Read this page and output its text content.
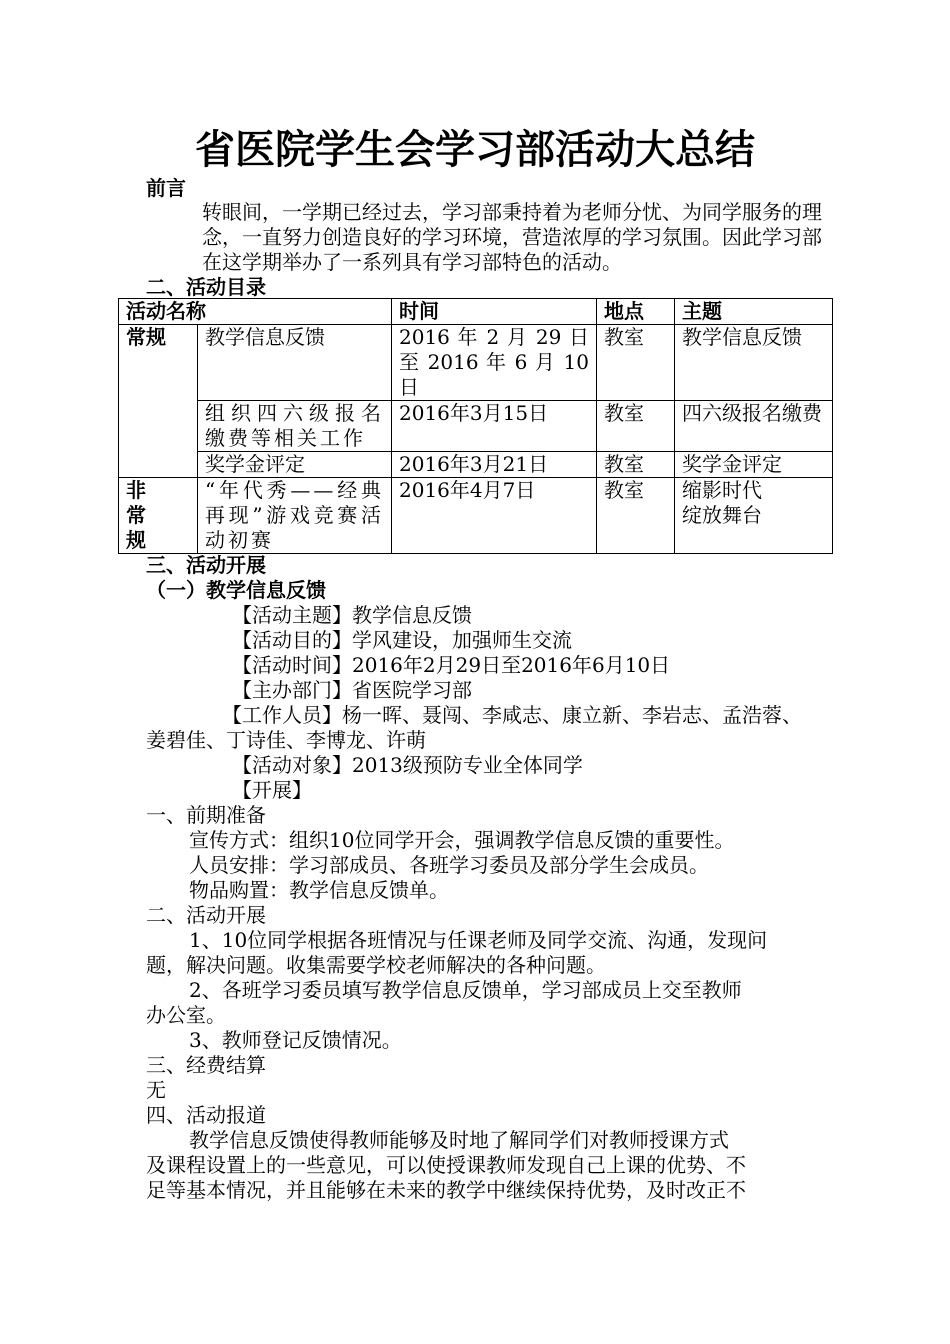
省医院学生会学习部活动大总结
前言
转眼间，一学期已经过去，学习部秉持着为老师分忧、为同学服务的理念，一直努力创造良好的学习环境，营造浓厚的学习氛围。因此学习部在这学期举办了一系列具有学习部特色的活动。
二、活动目录
活动名称		时间	地点	主题
常规	教学信息反馈	2016 年 2 月 29 日至 2016 年 6 月 10 日	教室	教学信息反馈
	组织四六级报名缴费等相关工作	2016年3月15日	教室	四六级报名缴费
	奖学金评定	2016年3月21日	教室	奖学金评定
非 常 规	“年代秀——经典再现”游戏竞赛活动初赛	2016年4月7日	教室	缩影时代
绽放舞台
三、活动开展
（一）教学信息反馈
【活动主题】教学信息反馈
【活动目的】学风建设，加强师生交流
【活动时间】2016年2月29日至2016年6月10日
【主办部门】省医院学习部
【工作人员】杨一晖、聂闯、李咸志、康立新、李岩志、孟浩蓉、
姜碧佳、丁诗佳、李博龙、许萌
【活动对象】2013级预防专业全体同学
【开展】
一、前期准备
宣传方式：组织10位同学开会，强调教学信息反馈的重要性。
人员安排：学习部成员、各班学习委员及部分学生会成员。
物品购置：教学信息反馈单。
二、活动开展
1、10位同学根据各班情况与任课老师及同学交流、沟通，发现问
题，解决问题。收集需要学校老师解决的各种问题。
2、各班学习委员填写教学信息反馈单，学习部成员上交至教师
办公室。
3、教师登记反馈情况。
三、经费结算
无
四、活动报道
教学信息反馈使得教师能够及时地了解同学们对教师授课方式
及课程设置上的一些意见，可以使授课教师发现自己上课的优势、不
足等基本情况，并且能够在未来的教学中继续保持优势，及时改正不
